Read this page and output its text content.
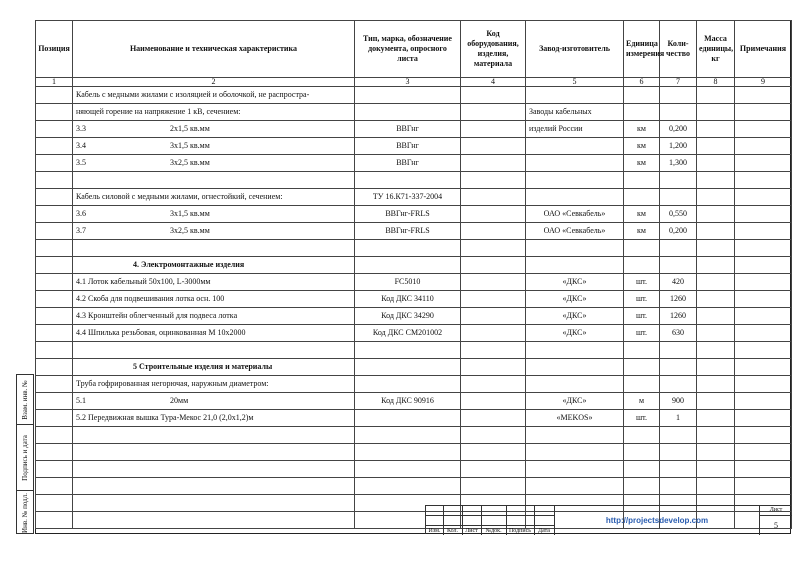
Позиция	Наименование и техническая характеристика	Тип, марка, обозначение документа, опросного листа	Код оборудования, изделия, материала	Завод-изготовитель	Единица измерения	Коли-чество	Масса единицы, кг	Примечания
1	2	3	4	5	6	7	8	9
	Кабель с медными жилами с изоляцией и оболочкой, не распростра-							
	няющей горение на напряжение 1 кВ, сечением:			Заводы кабельных				
	3.3 2х1,5 кв.мм	ВВГнг		изделий России	км	0,200		
	3.4 3х1,5 кв.мм	ВВГнг			км	1,200		
	3.5 3х2,5 кв.мм	ВВГнг			км	1,300		

	Кабель силовой с медными жилами, огнестойкий, сечением:	ТУ 16.К71-337-2004						
	3.6 3х1,5 кв.мм	ВВГнг-FRLS		ОАО «Севкабель»	км	0,550		
	3.7 3х2,5 кв.мм	ВВГнг-FRLS		ОАО «Севкабель»	км	0,200		

	4. Электромонтажные изделия							
	4.1 Лоток кабельный 50х100, L-3000мм	FC5010		«ДКС»	шт.	420		
	4.2 Скоба для подвешивания лотка осн. 100	Код ДКС 34110		«ДКС»	шт.	1260		
	4.3 Кронштейн облегченный для подвеса лотка	Код ДКС 34290		«ДКС»	шт.	1260		
	4.4 Шпилька резьбовая, оцинкованная М 10х2000	Код ДКС СМ201002		«ДКС»	шт.	630		

	5 Строительные изделия и материалы							
	Труба гофрированная негорючая, наружным диаметром:							
	5.1 20мм	Код ДКС 90916		«ДКС»	м	900		
	5.2 Передвижная вышка Тура-Мекос 21,0 (2,0х1,2)м			«MEKOS»	шт.	1		

Взам. инв. №
Подпись и дата
Инв. № подл.	Изм.	Кол.	Лист	№док.	Подпись	Дата
http://projectsdevelop.com
Лист
5
